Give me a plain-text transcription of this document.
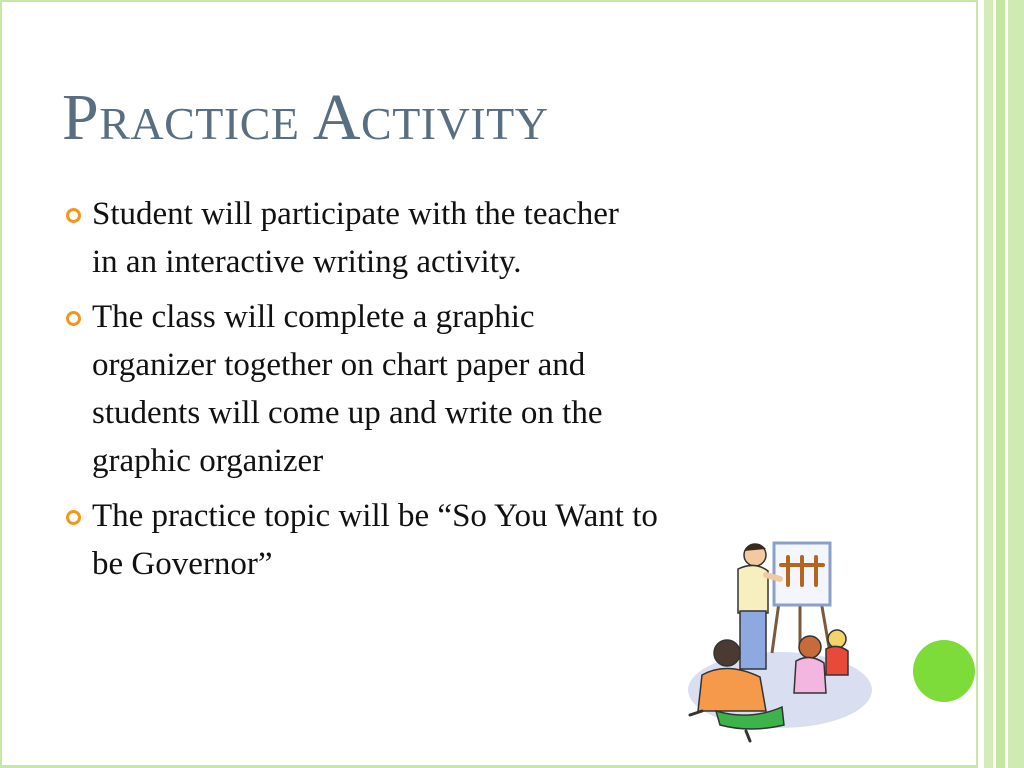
Practice Activity
Student will participate with the teacher
in an interactive writing activity.
The class will complete a graphic
organizer together on chart paper and
students will come up and write on the
graphic organizer
The practice topic will be “So You Want to
be Governor”
